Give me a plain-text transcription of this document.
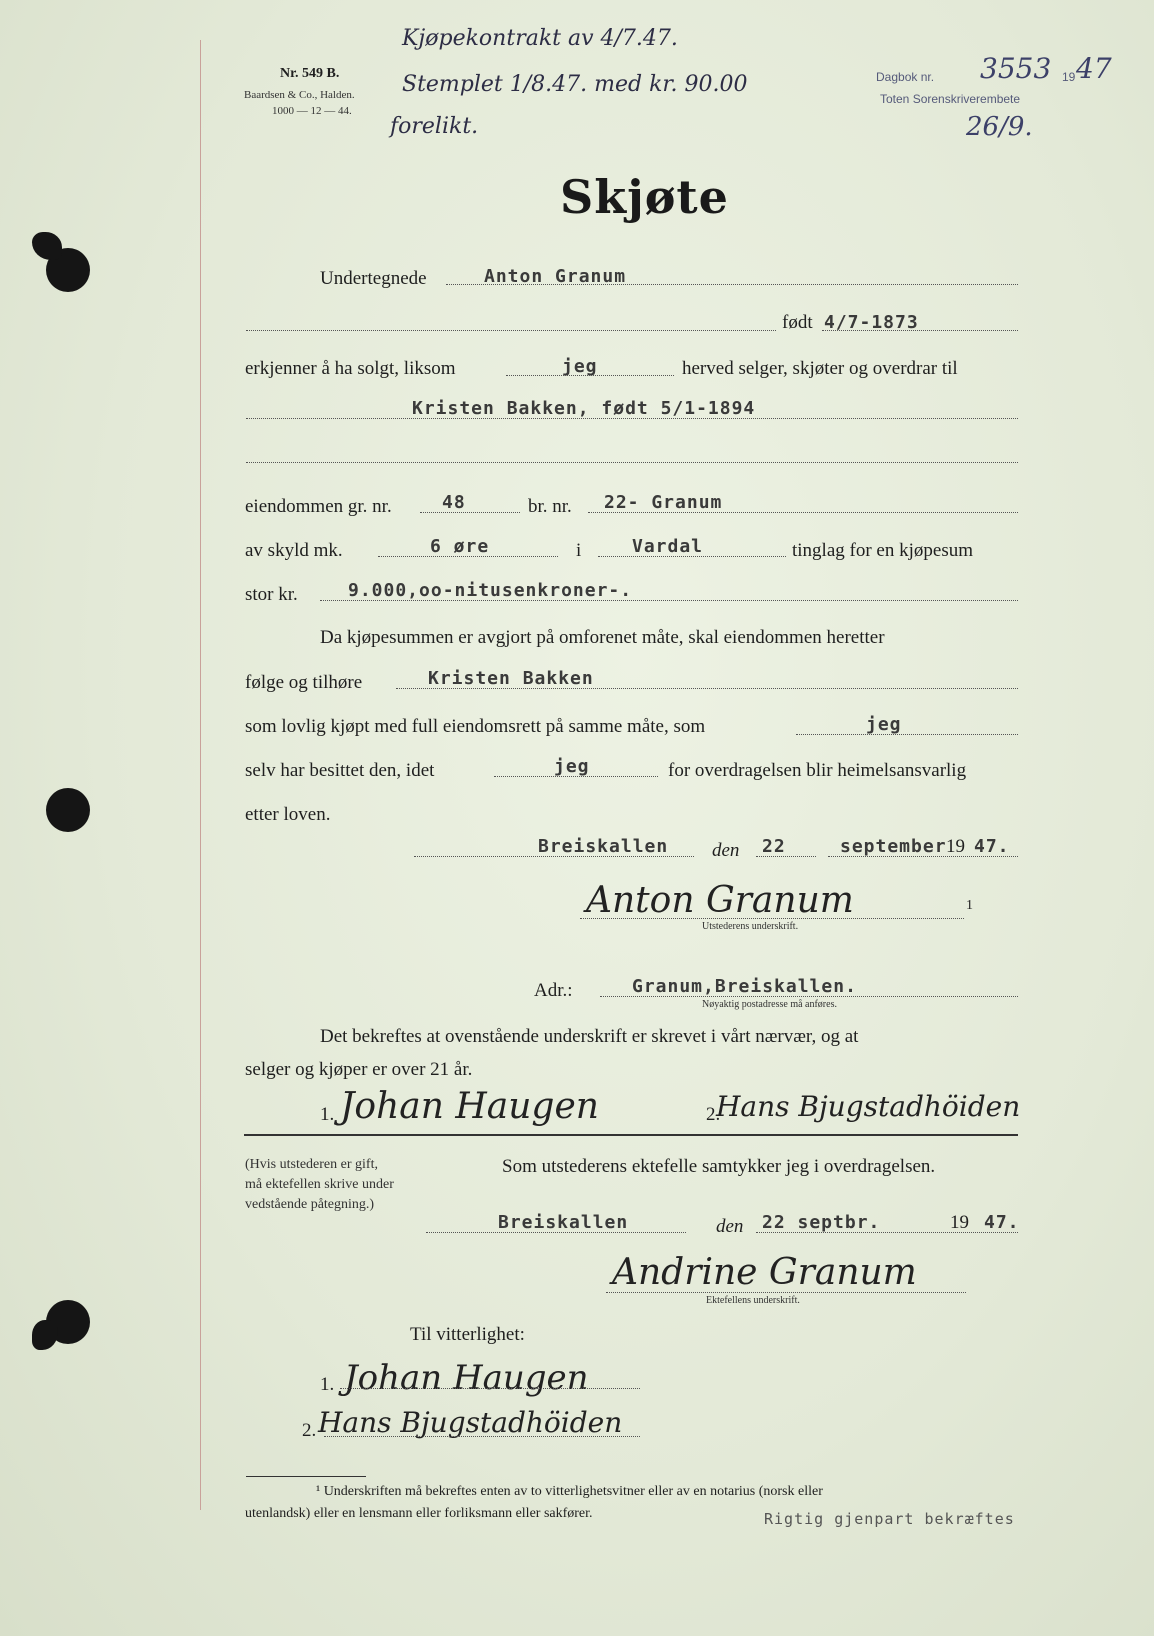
Nr. 549 B.
Baardsen & Co., Halden.
1000 — 12 — 44.
Kjøpekontrakt av 4/7.47.
Stemplet 1/8.47. med kr. 90.00
forelikt.
Dagbok nr. 3553 19 47
Toten Sorenskriverembete
26/9.
Skjøte
Undertegnede	Anton Granum
født 4/7-1873
erkjenner å ha solgt, liksom	jeg	herved selger, skjøter og overdrar til
Kristen Bakken, født 5/1-1894
eiendommen gr. nr.	48	br. nr. 22- Granum
av skyld mk.	6 øre	i	Vardal	tinglag for en kjøpesum
stor kr.	9.000,oo-nitusenkroner-.
Da kjøpesummen er avgjort på omforenet måte, skal eiendommen heretter
følge og tilhøre	Kristen Bakken
som lovlig kjøpt med full eiendomsrett på samme måte, som	jeg
selv har besittet den, idet	jeg	for overdragelsen blir heimelsansvarlig
etter loven.
Breiskallen den 22	september 19 47.
Anton Granum	1
Utstederens underskrift.
Adr.:	Granum,Breiskallen.
Nøyaktig postadresse må anføres.
Det bekreftes at ovenstående underskrift er skrevet i vårt nærvær, og at
selger og kjøper er over 21 år.
1. Johan Haugen	2.
Hans Bjugstadhöiden
(Hvis utstederen er gift,
må ektefellen skrive under
vedstående påtegning.)
Som utstederens ektefelle samtykker jeg i overdragelsen.
Breiskallen	den 22 septbr.	19 47.
Andrine Granum
Ektefellens underskrift.
Til vitterlighet:
1. Johan Haugen
2. Hans Bjugstadhöiden
¹ Underskriften må bekreftes enten av to vitterlighetsvitner eller av en notarius (norsk eller
utenlandsk) eller en lensmann eller forliksmann eller sakfører.	Rigtig gjenpart bekræftes
